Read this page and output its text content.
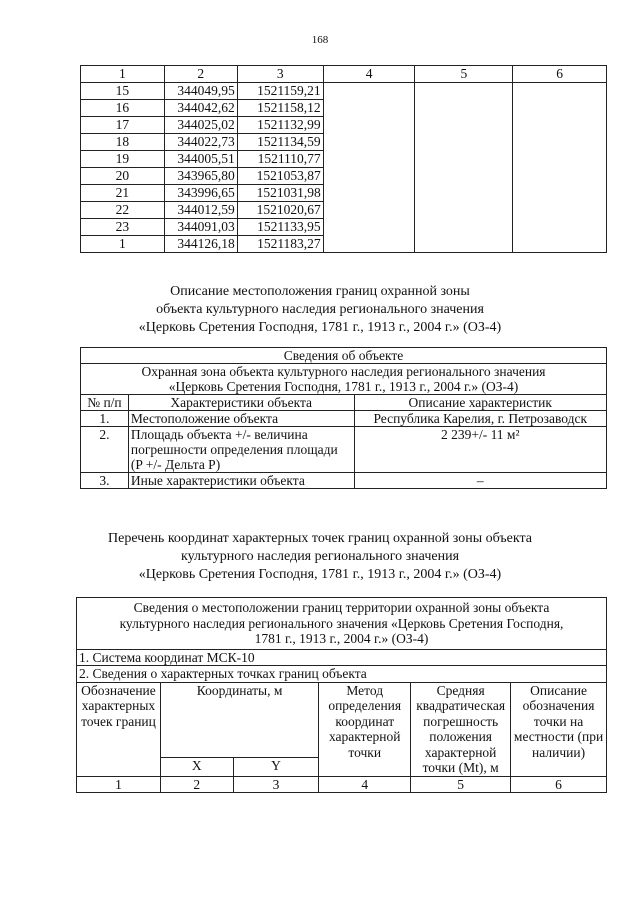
168
1	2	3	4	5	6
15	344049,95	1521159,21			
16	344042,62	1521158,12			
17	344025,02	1521132,99			
18	344022,73	1521134,59			
19	344005,51	1521110,77			
20	343965,80	1521053,87			
21	343996,65	1521031,98			
22	344012,59	1521020,67			
23	344091,03	1521133,95			
1	344126,18	1521183,27			
Описание местоположения границ охранной зоны
объекта культурного наследия регионального значения
«Церковь Сретения Господня, 1781 г., 1913 г., 2004 г.» (ОЗ-4)
Сведения об объекте		

Охранная зона объекта культурного наследия регионального значения
«Церковь Сретения Господня, 1781 г., 1913 г., 2004 г.» (ОЗ-4)		

№ п/п	Характеристики объекта	Описание характеристик
1.	Местоположение объекта	Республика Карелия, г. Петрозаводск
2.	Площадь объекта +/- величина погрешности определения площади (P +/- Дельта P)	2 239+/- 11 м²
3.	Иные характеристики объекта	–
Перечень координат характерных точек границ охранной зоны объекта
культурного наследия регионального значения
«Церковь Сретения Господня, 1781 г., 1913 г., 2004 г.» (ОЗ-4)
Сведения о местоположении границ территории охранной зоны объекта культурного наследия регионального значения «Церковь Сретения Господня, 1781 г., 1913 г., 2004 г.» (ОЗ-4)					
1. Система координат МСК-10					
2. Сведения о характерных точках границ объекта					
Обозначение характерных точек границ	Координаты, м		Метод определения координат характерной точки	Средняя квадратическая погрешность положения характерной точки (Mt), м	Описание обозначения точки на местности (при наличии)
	X	Y			
1	2	3	4	5	6
